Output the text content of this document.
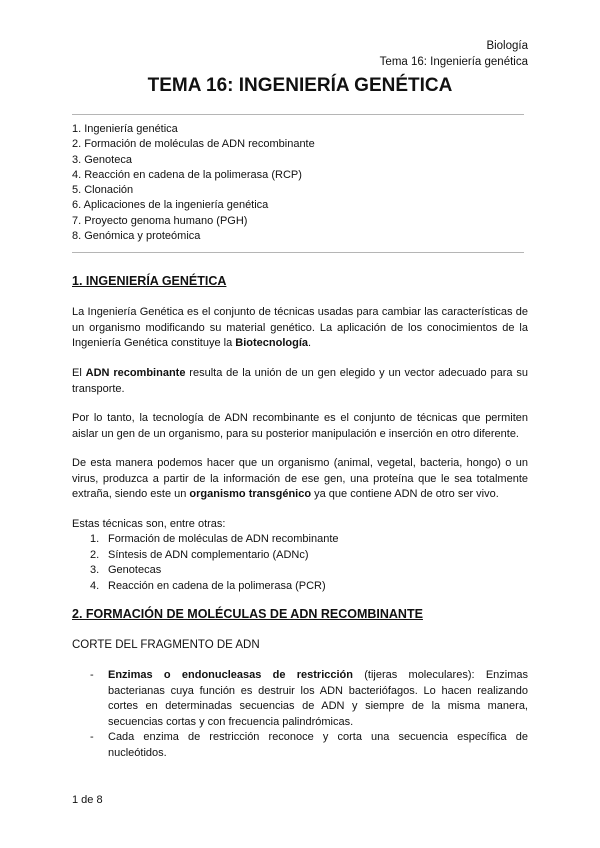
Biología
Tema 16: Ingeniería genética
TEMA 16: INGENIERÍA GENÉTICA
1. Ingeniería genética
2. Formación de moléculas de ADN recombinante
3. Genoteca
4. Reacción en cadena de la polimerasa (RCP)
5. Clonación
6. Aplicaciones de la ingeniería genética
7. Proyecto genoma humano (PGH)
8. Genómica y proteómica
1. INGENIERÍA GENÉTICA
La Ingeniería Genética es el conjunto de técnicas usadas para cambiar las características de un organismo modificando su material genético. La aplicación de los conocimientos de la Ingeniería Genética constituye la Biotecnología.
El ADN recombinante resulta de la unión de un gen elegido y un vector adecuado para su transporte.
Por lo tanto, la tecnología de ADN recombinante es el conjunto de técnicas que permiten aislar un gen de un organismo, para su posterior manipulación e inserción en otro diferente.
De esta manera podemos hacer que un organismo (animal, vegetal, bacteria, hongo) o un virus, produzca a partir de la información de ese gen, una proteína que le sea totalmente extraña, siendo este un organismo transgénico ya que contiene ADN de otro ser vivo.
Estas técnicas son, entre otras:
1. Formación de moléculas de ADN recombinante
2. Síntesis de ADN complementario (ADNc)
3. Genotecas
4. Reacción en cadena de la polimerasa (PCR)
2. FORMACIÓN DE MOLÉCULAS DE ADN RECOMBINANTE
CORTE DEL FRAGMENTO DE ADN
- Enzimas o endonucleasas de restricción (tijeras moleculares): Enzimas bacterianas cuya función es destruir los ADN bacteriófagos. Lo hacen realizando cortes en determinadas secuencias de ADN y siempre de la misma manera, secuencias cortas y con frecuencia palindrómicas.
- Cada enzima de restricción reconoce y corta una secuencia específica de nucleótidos.
1 de 8
